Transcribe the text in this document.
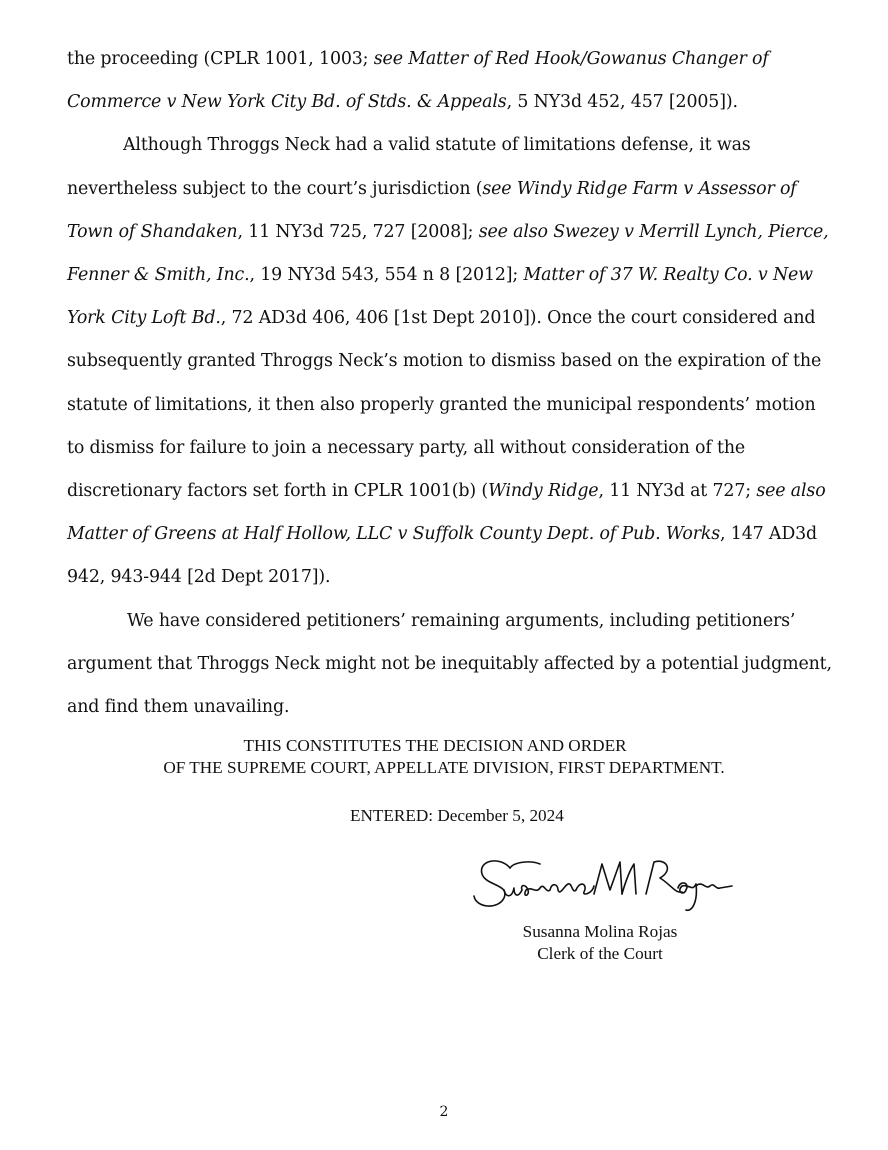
the proceeding (CPLR 1001, 1003; see Matter of Red Hook/Gowanus Changer of
Commerce v New York City Bd. of Stds. & Appeals, 5 NY3d 452, 457 [2005]).

Although Throggs Neck had a valid statute of limitations defense, it was
nevertheless subject to the court’s jurisdiction (see Windy Ridge Farm v Assessor of
Town of Shandaken, 11 NY3d 725, 727 [2008]; see also Swezey v Merrill Lynch, Pierce,
Fenner & Smith, Inc., 19 NY3d 543, 554 n 8 [2012]; Matter of 37 W. Realty Co. v New
York City Loft Bd., 72 AD3d 406, 406 [1st Dept 2010]). Once the court considered and
subsequently granted Throggs Neck’s motion to dismiss based on the expiration of the
statute of limitations, it then also properly granted the municipal respondents’ motion
to dismiss for failure to join a necessary party, all without consideration of the
discretionary factors set forth in CPLR 1001(b) (Windy Ridge, 11 NY3d at 727; see also
Matter of Greens at Half Hollow, LLC v Suffolk County Dept. of Pub. Works, 147 AD3d
942, 943-944 [2d Dept 2017]).

We have considered petitioners’ remaining arguments, including petitioners’
argument that Throggs Neck might not be inequitably affected by a potential judgment,
and find them unavailing.

THIS CONSTITUTES THE DECISION AND ORDER
OF THE SUPREME COURT, APPELLATE DIVISION, FIRST DEPARTMENT.
ENTERED: December 5, 2024
Susanna Molina Rojas
Clerk of the Court
2
